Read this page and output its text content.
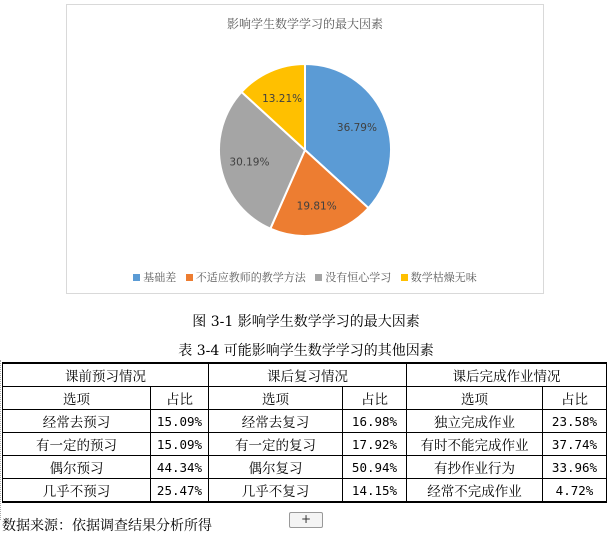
影响学生数学学习的最大因素
36.79%
19.81%
30.19%
13.21%
基础差 不适应教师的教学方法 没有恒心学习 数学枯燥无味
图 3-1 影响学生数学学习的最大因素
表 3-4 可能影响学生数学学习的其他因素
课前预习情况		课后复习情况		课后完成作业情况	
选项	占比	选项	占比	选项	占比
经常去预习	15.09%	经常去复习	16.98%	独立完成作业	23.58%
有一定的预习	15.09%	有一定的复习	17.92%	有时不能完成作业	37.74%
偶尔预习	44.34%	偶尔复习	50.94%	有抄作业行为	33.96%
几乎不预习	25.47%	几乎不复习	14.15%	经常不完成作业	4.72%
数据来源：依据调查结果分析所得	+
